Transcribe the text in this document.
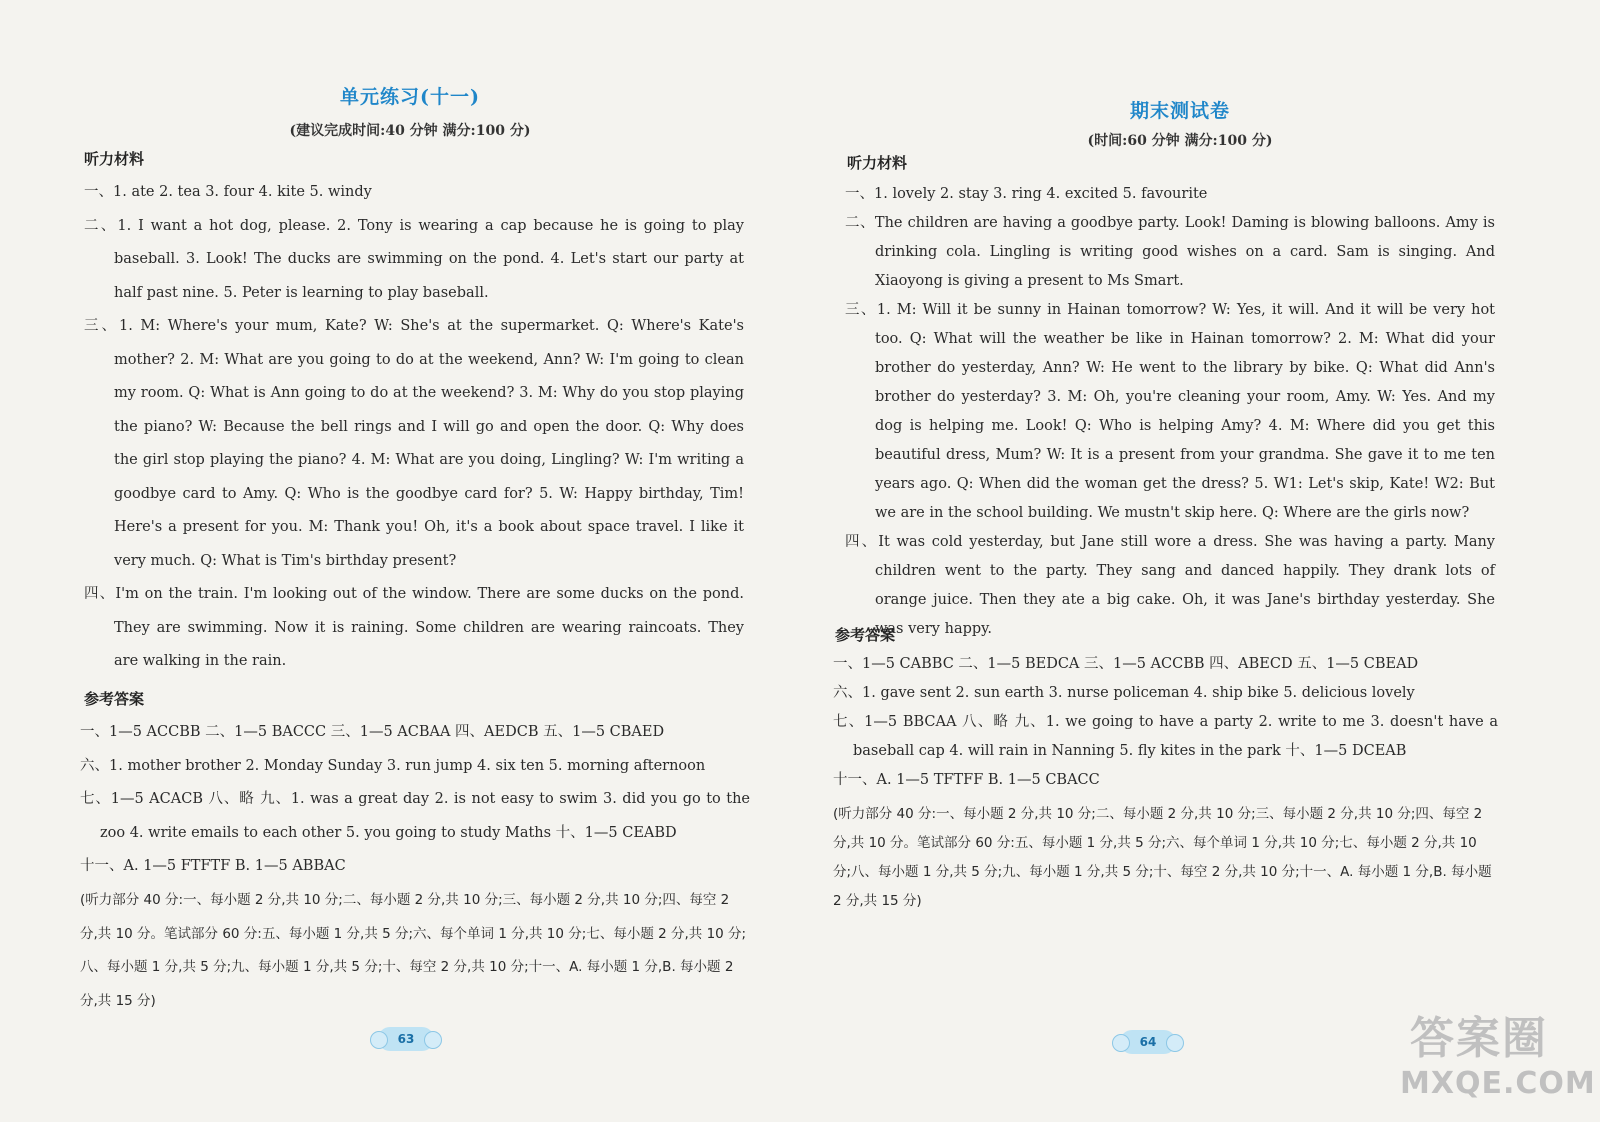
单元练习(十一)
(建议完成时间:40 分钟 满分:100 分)
听力材料

一、1. ate 2. tea 3. four 4. kite 5. windy

二、1. I want a hot dog, please. 2. Tony is wearing a cap because he is going to play baseball. 3. Look! The ducks are swimming on the pond. 4. Let's start our party at half past nine. 5. Peter is learning to play baseball.

三、1. M: Where's your mum, Kate? W: She's at the supermarket. Q: Where's Kate's mother? 2. M: What are you going to do at the weekend, Ann? W: I'm going to clean my room. Q: What is Ann going to do at the weekend? 3. M: Why do you stop playing the piano? W: Because the bell rings and I will go and open the door. Q: Why does the girl stop playing the piano? 4. M: What are you doing, Lingling? W: I'm writing a goodbye card to Amy. Q: Who is the goodbye card for? 5. W: Happy birthday, Tim! Here's a present for you. M: Thank you! Oh, it's a book about space travel. I like it very much. Q: What is Tim's birthday present?

四、I'm on the train. I'm looking out of the window. There are some ducks on the pond. They are swimming. Now it is raining. Some children are wearing raincoats. They are walking in the rain.

参考答案

一、1—5 ACCBB 二、1—5 BACCC 三、1—5 ACBAA 四、AEDCB 五、1—5 CBAED

六、1. mother brother 2. Monday Sunday 3. run jump 4. six ten 5. morning afternoon

七、1—5 ACACB 八、略 九、1. was a great day 2. is not easy to swim 3. did you go to the zoo 4. write emails to each other 5. you going to study Maths 十、1—5 CEABD

十一、A. 1—5 FTFTF B. 1—5 ABBAC

(听力部分 40 分:一、每小题 2 分,共 10 分;二、每小题 2 分,共 10 分;三、每小题 2 分,共 10 分;四、每空 2 分,共 10 分。笔试部分 60 分:五、每小题 1 分,共 5 分;六、每个单词 1 分,共 10 分;七、每小题 2 分,共 10 分;八、每小题 1 分,共 5 分;九、每小题 1 分,共 5 分;十、每空 2 分,共 10 分;十一、A. 每小题 1 分,B. 每小题 2 分,共 15 分)
63
期末测试卷
(时间:60 分钟 满分:100 分)
听力材料

一、1. lovely 2. stay 3. ring 4. excited 5. favourite

二、The children are having a goodbye party. Look! Daming is blowing balloons. Amy is drinking cola. Lingling is writing good wishes on a card. Sam is singing. And Xiaoyong is giving a present to Ms Smart.

三、1. M: Will it be sunny in Hainan tomorrow? W: Yes, it will. And it will be very hot too. Q: What will the weather be like in Hainan tomorrow? 2. M: What did your brother do yesterday, Ann? W: He went to the library by bike. Q: What did Ann's brother do yesterday? 3. M: Oh, you're cleaning your room, Amy. W: Yes. And my dog is helping me. Look! Q: Who is helping Amy? 4. M: Where did you get this beautiful dress, Mum? W: It is a present from your grandma. She gave it to me ten years ago. Q: When did the woman get the dress? 5. W1: Let's skip, Kate! W2: But we are in the school building. We mustn't skip here. Q: Where are the girls now?

四、It was cold yesterday, but Jane still wore a dress. She was having a party. Many children went to the party. They sang and danced happily. They drank lots of orange juice. Then they ate a big cake. Oh, it was Jane's birthday yesterday. She was very happy.

参考答案

一、1—5 CABBC 二、1—5 BEDCA 三、1—5 ACCBB 四、ABECD 五、1—5 CBEAD

六、1. gave sent 2. sun earth 3. nurse policeman 4. ship bike 5. delicious lovely

七、1—5 BBCAA 八、略 九、1. we going to have a party 2. write to me 3. doesn't have a baseball cap 4. will rain in Nanning 5. fly kites in the park 十、1—5 DCEAB

十一、A. 1—5 TFTFF B. 1—5 CBACC

(听力部分 40 分:一、每小题 2 分,共 10 分;二、每小题 2 分,共 10 分;三、每小题 2 分,共 10 分;四、每空 2 分,共 10 分。笔试部分 60 分:五、每小题 1 分,共 5 分;六、每个单词 1 分,共 10 分;七、每小题 2 分,共 10 分;八、每小题 1 分,共 5 分;九、每小题 1 分,共 5 分;十、每空 2 分,共 10 分;十一、A. 每小题 1 分,B. 每小题 2 分,共 15 分)
64	答案圈
MXQE.COM
